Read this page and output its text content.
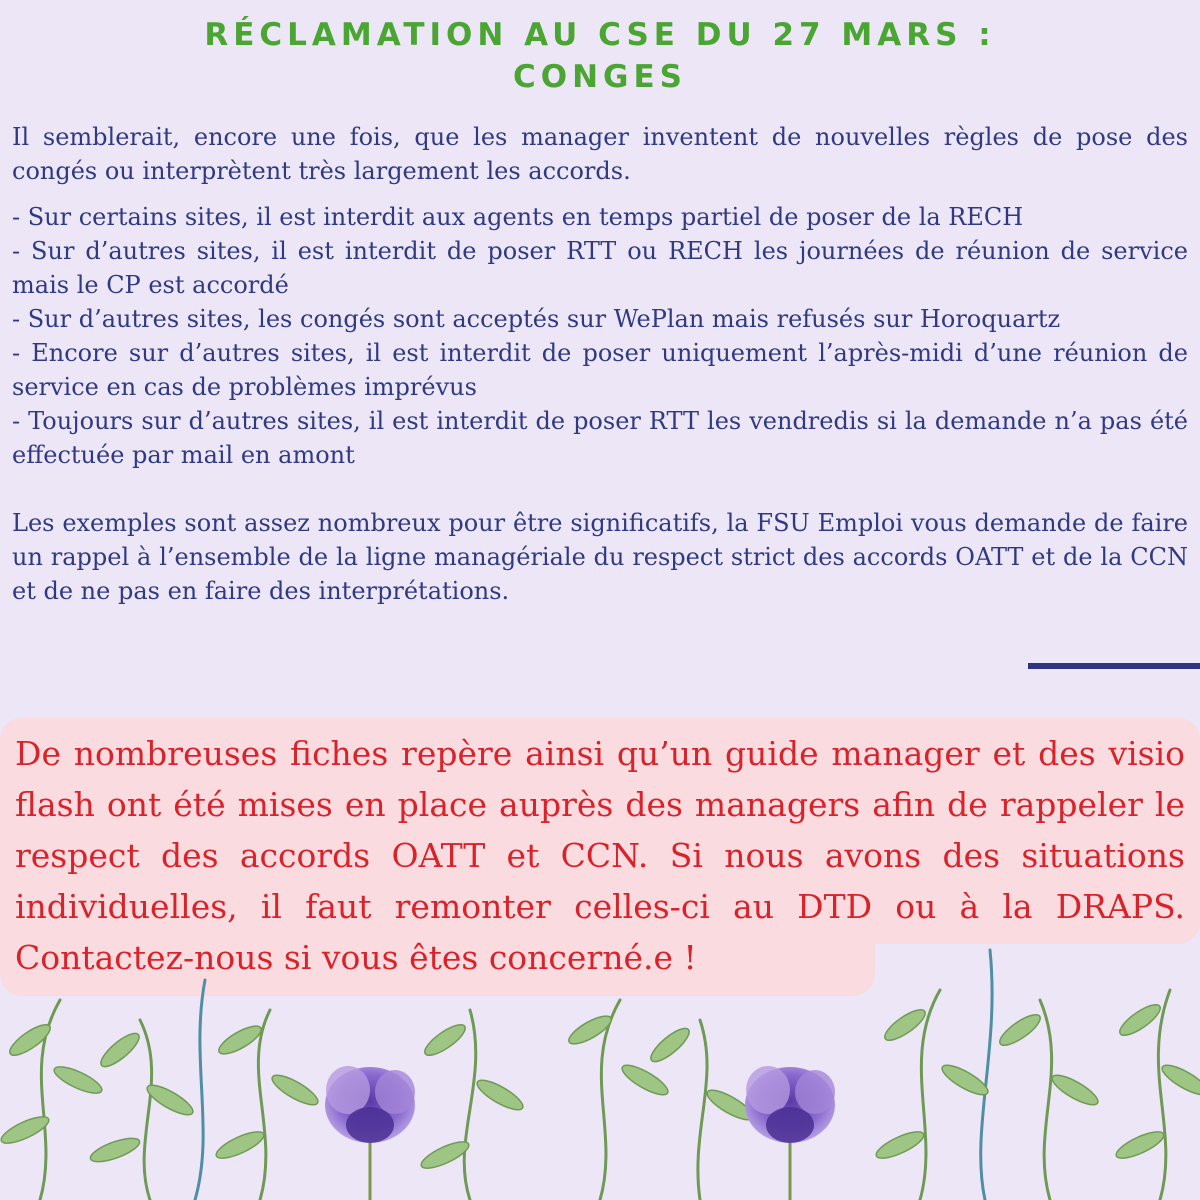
RÉCLAMATION AU CSE DU 27 MARS :
CONGES

Il semblerait, encore une fois, que les manager inventent de nouvelles règles de pose des congés ou interprètent très largement les accords.

- Sur certains sites, il est interdit aux agents en temps partiel de poser de la RECH
- Sur d’autres sites, il est interdit de poser RTT ou RECH les journées de réunion de service mais le CP est accordé
- Sur d’autres sites, les congés sont acceptés sur WePlan mais refusés sur Horoquartz
- Encore sur d’autres sites, il est interdit de poser uniquement l’après-midi d’une réunion de service en cas de problèmes imprévus
- Toujours sur d’autres sites, il est interdit de poser RTT les vendredis si la demande n’a pas été effectuée par mail en amont

Les exemples sont assez nombreux pour être significatifs, la FSU Emploi vous demande de faire un rappel à l’ensemble de la ligne managériale du respect strict des accords OATT et de la CCN et de ne pas en faire des interprétations.

De nombreuses fiches repère ainsi qu’un guide manager et des visio flash ont été mises en place auprès des managers afin de rappeler le respect des accords OATT et CCN. Si nous avons des situations individuelles, il faut remonter celles-ci au DTD ou à la DRAPS. Contactez-nous si vous êtes concerné.e !
